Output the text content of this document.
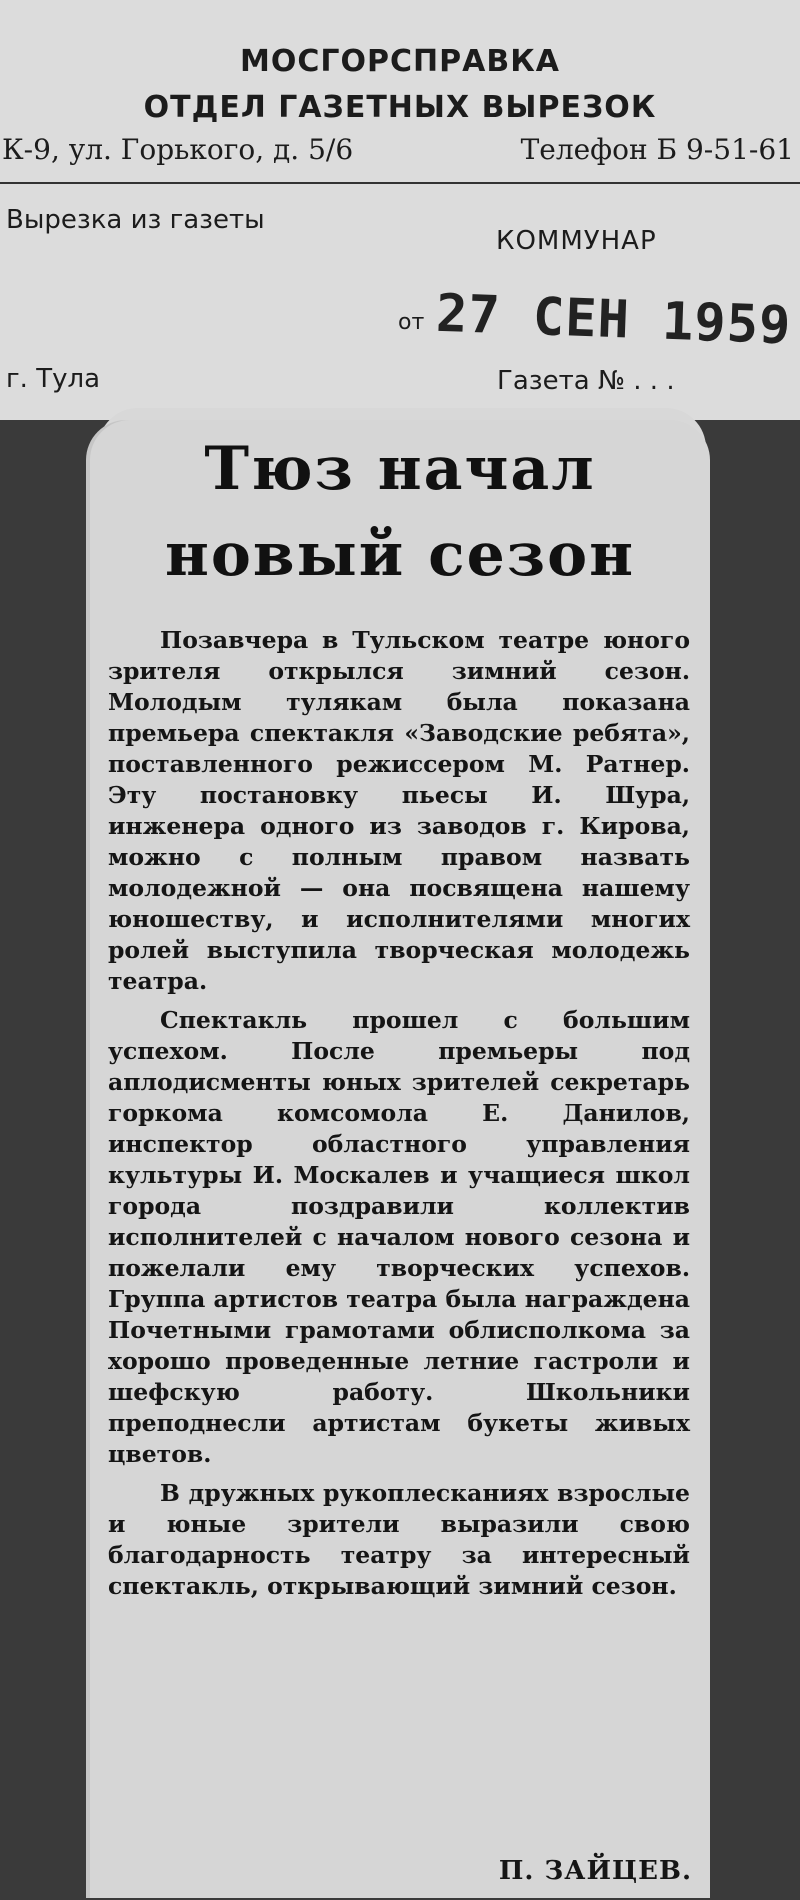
МОСГОРСПРАВКА
ОТДЕЛ ГАЗЕТНЫХ ВЫРЕЗОК
К-9, ул. Горького, д. 5/6	Телефон Б 9-51-61
Вырезка из газеты
КОММУНАР
от 27 СЕН 1959
г. Тула	Газета № . . .
Тюз начал
новый сезон

Позавчера в Тульском театре юного зрителя открылся зимний сезон. Молодым тулякам была показана премьера спектакля «Заводские ребята», поставленного режиссером М. Ратнер. Эту постановку пьесы И. Шура, инженера одного из заводов г. Кирова, можно с полным правом назвать молодежной — она посвящена нашему юношеству, и исполнителями многих ролей выступила творческая молодежь театра.

Спектакль прошел с большим успехом. После премьеры под аплодисменты юных зрителей секретарь горкома комсомола Е. Данилов, инспектор областного управления культуры И. Москалев и учащиеся школ города поздравили коллектив исполнителей с началом нового сезона и пожелали ему творческих успехов. Группа артистов театра была награждена Почетными грамотами облисполкома за хорошо проведенные летние гастроли и шефскую работу. Школьники преподнесли артистам букеты живых цветов.

В дружных рукоплесканиях взрослые и юные зрители выразили свою благодарность театру за интересный спектакль, открывающий зимний сезон.

П. ЗАЙЦЕВ.
